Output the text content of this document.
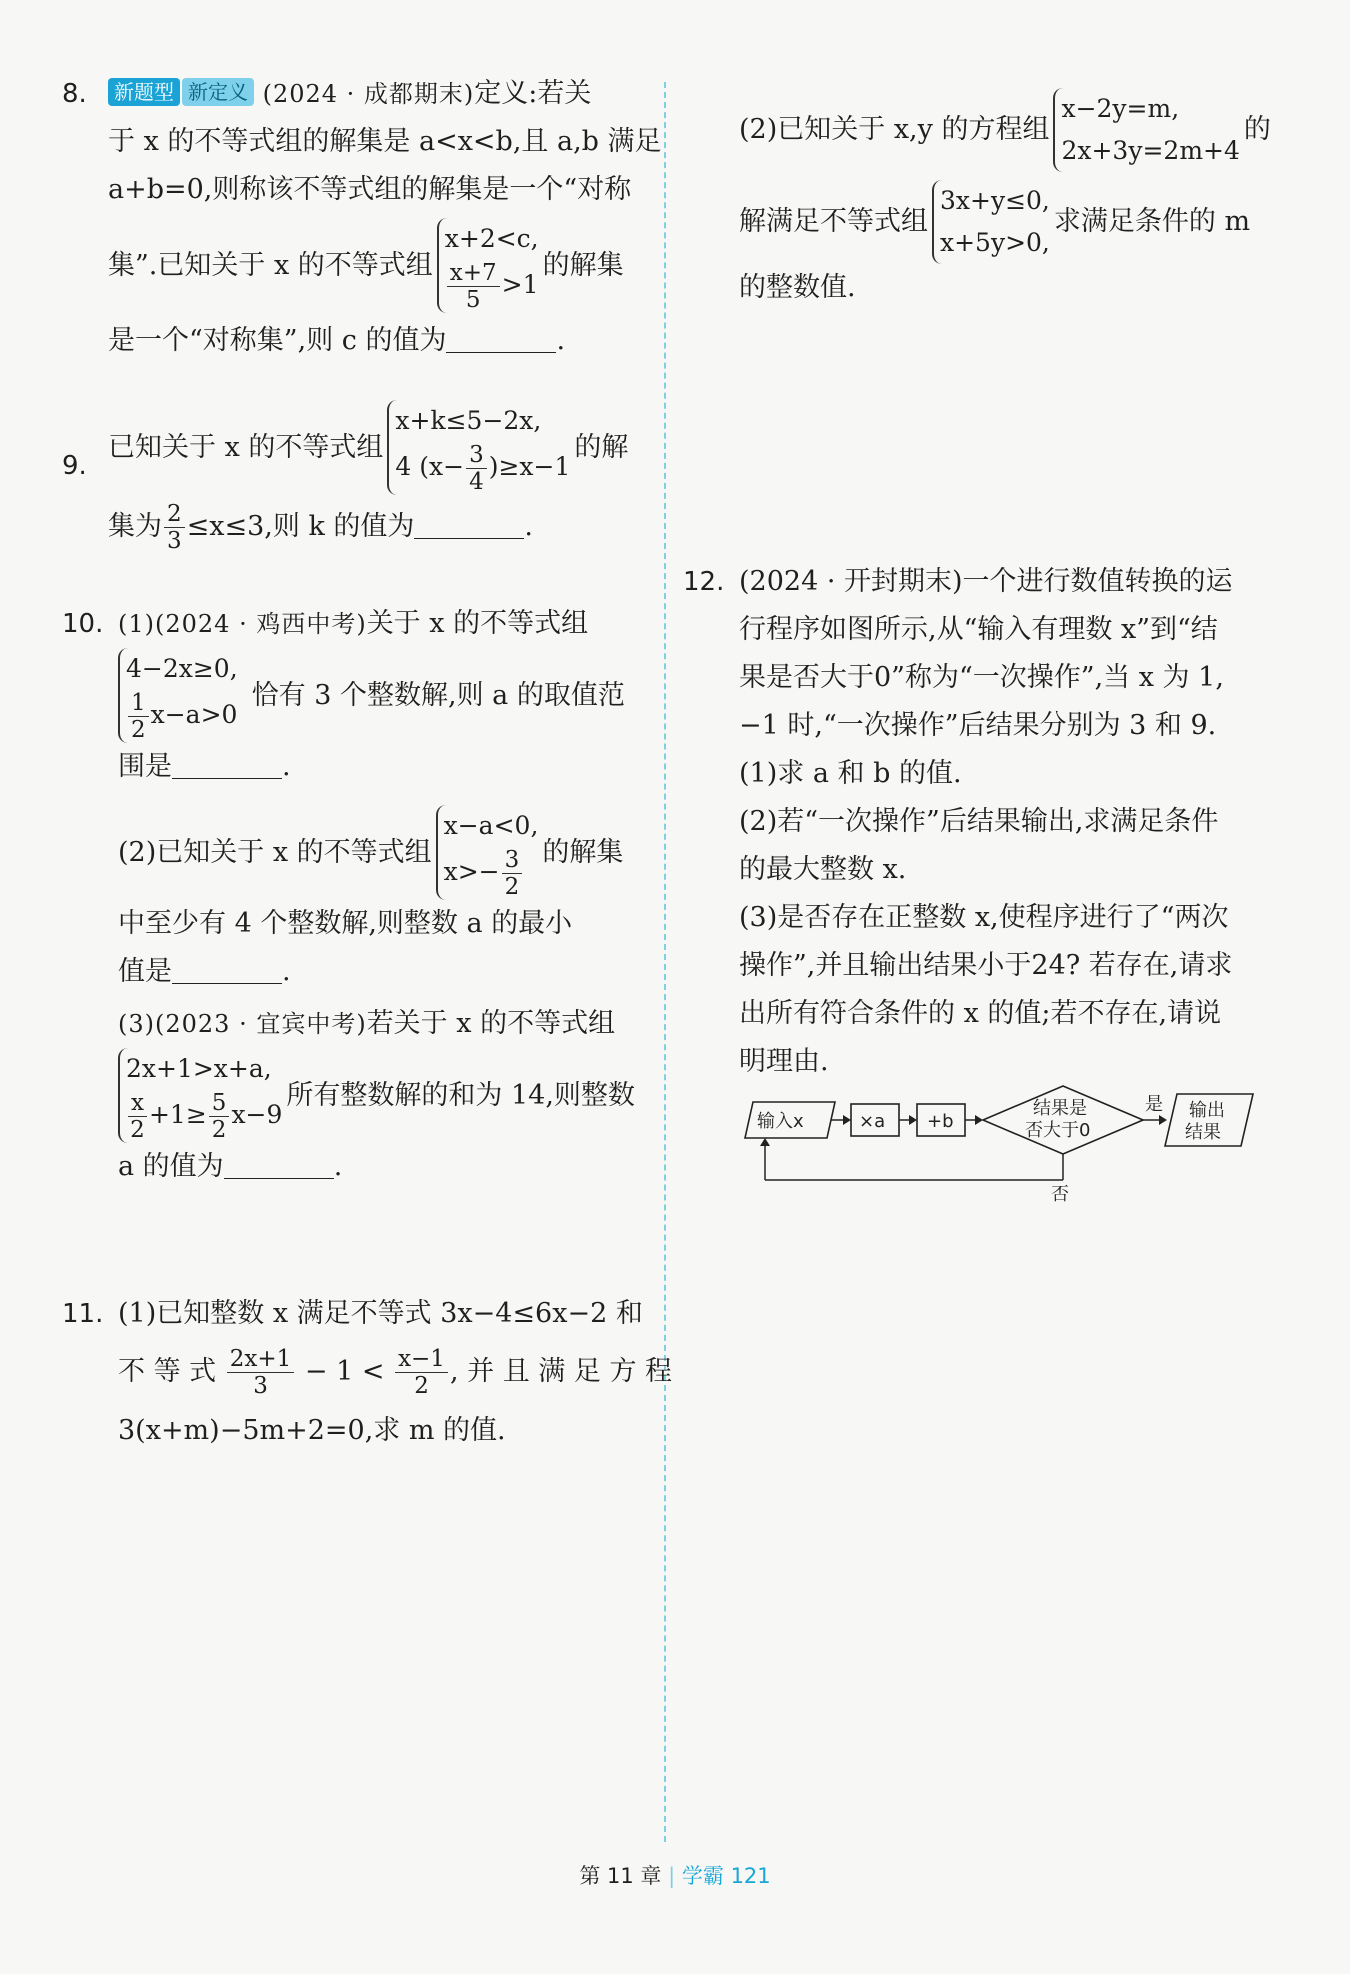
8.	新题型 新定义 (2024 · 成都期末)定义:若关
于 x 的不等式组的解集是 a<x<b,且 a,b 满足
a+b=0,则称该不等式组的解集是一个“对称
集”.已知关于 x 的不等式组
x+2<c,
$\frac{x+7}{5} >1$
的解集
是一个“对称集”,则 c 的值为	.
9.
已知关于 x 的不等式组
x+k≤5−2x,
4 $(x- \frac{3}{4} )\ge x-1$
的解
集为 $\frac{2}{3} \le x\le 3$,则 k 的值为	.
10. (1)(2024 · 鸡西中考)关于 x 的不等式组
4−2x≥0,
$\frac{1}{2} x-a>0$
恰有 3 个整数解,则 a 的取值范
围是	.
(2)已知关于 x 的不等式组
x−a<0,
$x>- \frac{3}{2}$ 的解集
中至少有 4 个整数解,则整数 a 的最小
值是	.
(3)(2023 · 宜宾中考)若关于 x 的不等式组
2x+1>x+a,
$\frac{x}{2} +1\ge \frac{5}{2} x-9$
所有整数解的和为 14,则整数
a 的值为	.
11. (1)已知整数 x 满足不等式 3x−4≤6x−2 和
不 等 式 $\frac{2x+1}{3} - 1 < \frac{x-1}{2}$ , 并 且 满 足 方 程
3(x+m)−5m+2=0,求 m 的值.
(2)已知关于 x,y 的方程组
x−2y=m,
2x+3y=2m+4
的
解满足不等式组
3x+y≤0,
x+5y>0,
求满足条件的 m
的整数值.
12. (2024 · 开封期末)一个进行数值转换的运
行程序如图所示,从“输入有理数 x”到“结
果是否大于0”称为“一次操作”,当 x 为 1,
−1 时,“一次操作”后结果分别为 3 和 9.
(1)求 a 和 b 的值.
(2)若“一次操作”后结果输出,求满足条件
的最大整数 x.
(3)是否存在正整数 x,使程序进行了“两次
操作”,并且输出结果小于24? 若存在,请求
出所有符合条件的 x 的值;若不存在,请说
明理由.
输入x	×a +b
结果是
否大于0
是 输出
结果
否
第 11 章 | 学霸 121
